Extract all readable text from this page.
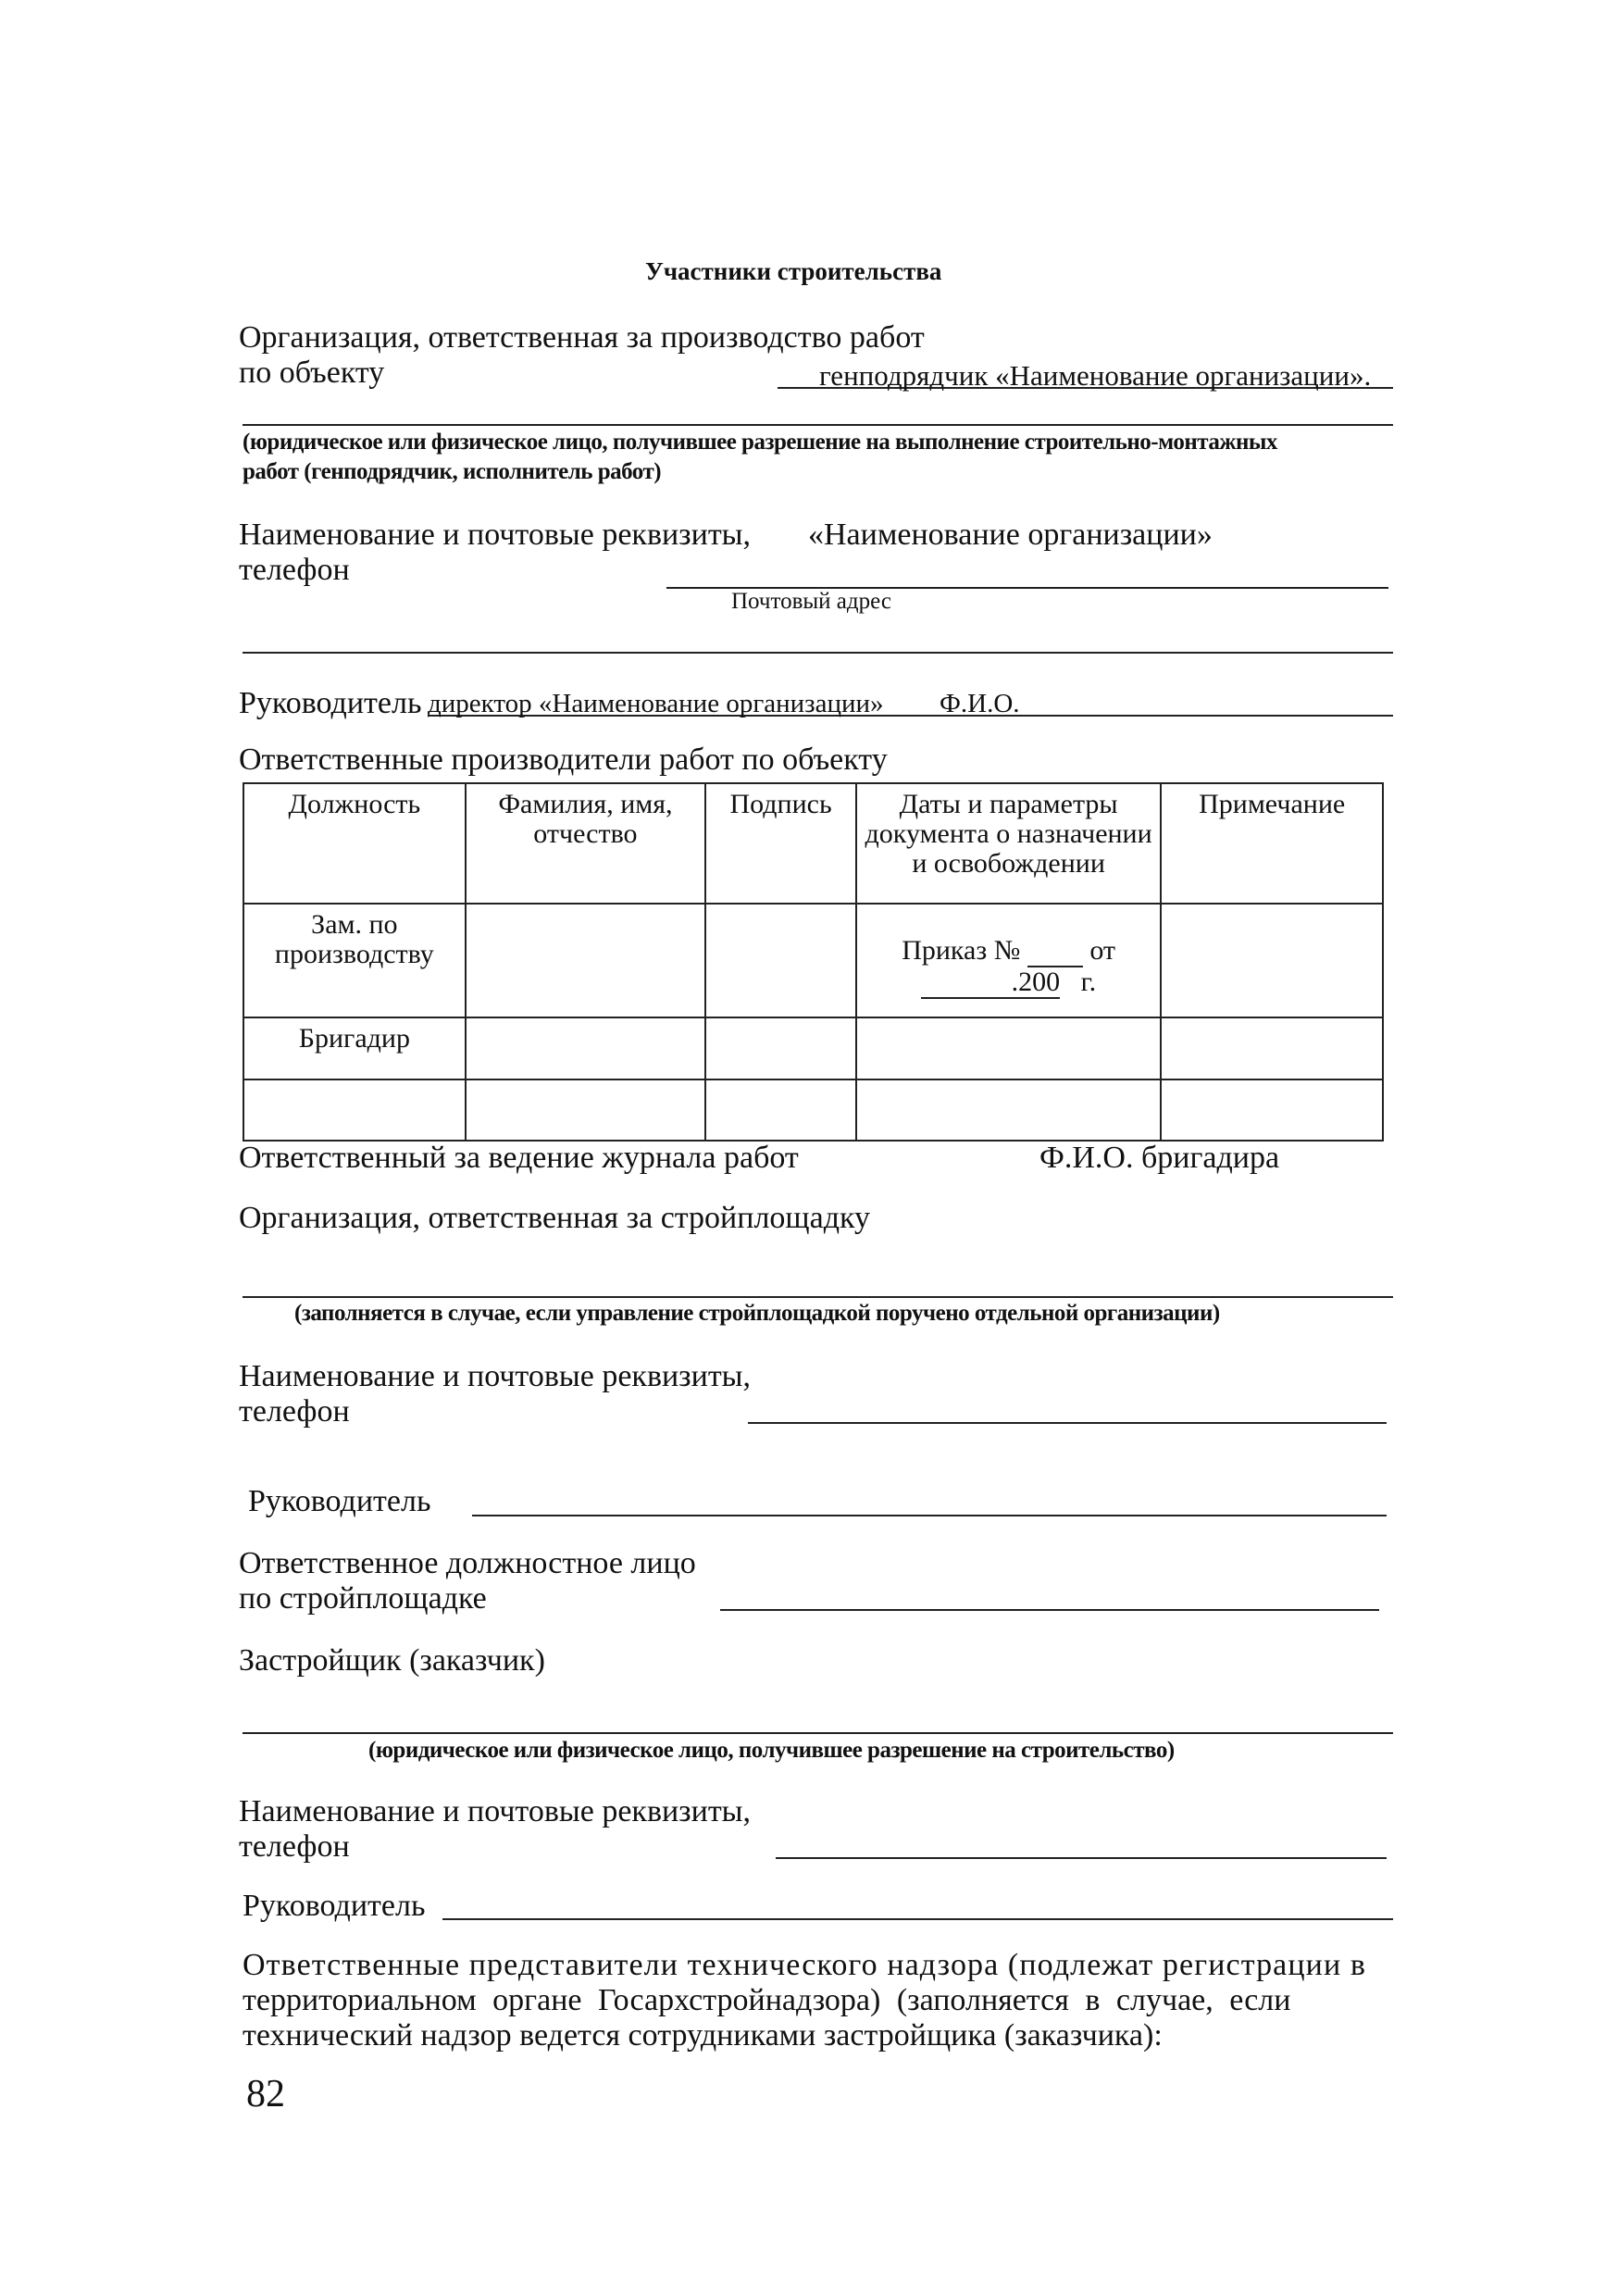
Участники строительства
Организация, ответственная за производство работ
по объекту	генподрядчик «Наименование организации».
(юридическое или физическое лицо, получившее разрешение на выполнение строительно-монтажных
работ (генподрядчик, исполнитель работ)
Наименование и почтовые реквизиты, «Наименование организации»
телефон
Почтовый адрес
Руководитель директор «Наименование организации» Ф.И.О.
Ответственные производители работ по объекту
Должность	Фамилия, имя, отчество	Подпись	Даты и параметры документа о назначении и освобождении	Примечание
Зам. по производству			Приказ № от
.200 г.	
Бригадир				

Ответственный за ведение журнала работ	Ф.И.О. бригадира
Организация, ответственная за стройплощадку
(заполняется в случае, если управление стройплощадкой поручено отдельной организации)
Наименование и почтовые реквизиты,
телефон
Руководитель
Ответственное должностное лицо
по стройплощадке
Застройщик (заказчик)
(юридическое или физическое лицо, получившее разрешение на строительство)
Наименование и почтовые реквизиты,
телефон
Руководитель
Ответственные представители технического надзора (подлежат регистрации в
территориальном органе Госархстройнадзора) (заполняется в случае, если
технический надзор ведется сотрудниками застройщика (заказчика):
82
